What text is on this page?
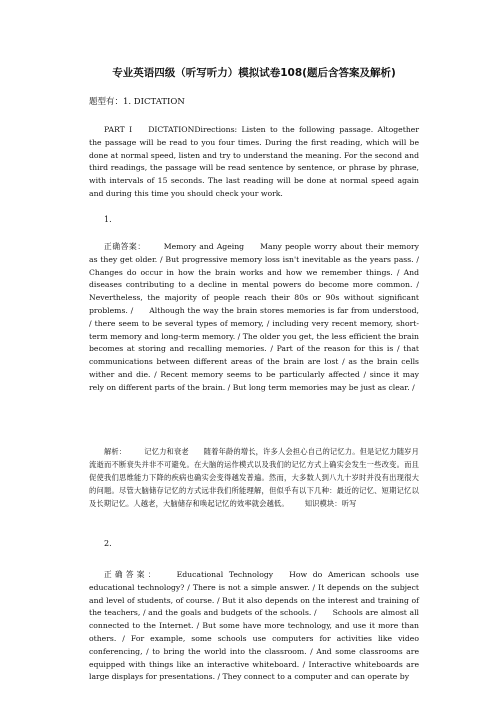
专业英语四级（听写听力）模拟试卷108(题后含答案及解析)
题型有：1. DICTATION
PART I DICTATIONDirections: Listen to the following passage. Altogether the passage will be read to you four times. During the first reading, which will be done at normal speed, listen and try to understand the meaning. For the second and third readings, the passage will be read sentence by sentence, or phrase by phrase, with intervals of 15 seconds. The last reading will be done at normal speed again and during this time you should check your work.
1.
正确答案： Memory and Ageing Many people worry about their memory as they get older. / But progressive memory loss isn't inevitable as the years pass. / Changes do occur in how the brain works and how we remember things. / And diseases contributing to a decline in mental powers do become more common. / Nevertheless, the majority of people reach their 80s or 90s without significant problems. / Although the way the brain stores memories is far from understood, / there seem to be several types of memory, / including very recent memory, short-term memory and long-term memory. / The older you get, the less efficient the brain becomes at storing and recalling memories. / Part of the reason for this is / that communications between different areas of the brain are lost / as the brain cells wither and die. / Recent memory seems to be particularly affected / since it may rely on different parts of the brain. / But long term memories may be just as clear. /
解析： 记忆力和衰老　　随着年龄的增长，许多人会担心自己的记忆力。但是记忆力随岁月流逝而不断衰失并非不可避免。在大脑的运作模式以及我们的记忆方式上确实会发生一些改变。而且促使我们思维能力下降的疾病也确实会变得越发普遍。然而，大多数人到八九十岁时并没有出现很大的问题。尽管大脑储存记忆的方式远非我们所能理解，但似乎有以下几种：最近的记忆、短期记忆以及长期记忆。人越老，大脑储存和唤起记忆的效率就会越低。 知识模块：听写
2.
正确答案： Educational Technology How do American schools use educational technology? / There is not a simple answer. / It depends on the subject and level of students, of course. / But it also depends on the interest and training of the teachers, / and the goals and budgets of the schools. / Schools are almost all connected to the Internet. / But some have more technology, and use it more than others. / For example, some schools use computers for activities like video conferencing, / to bring the world into the classroom. / And some classrooms are equipped with things like an interactive whiteboard. / Interactive whiteboards are large displays for presentations. / They connect to a computer and can operate by
